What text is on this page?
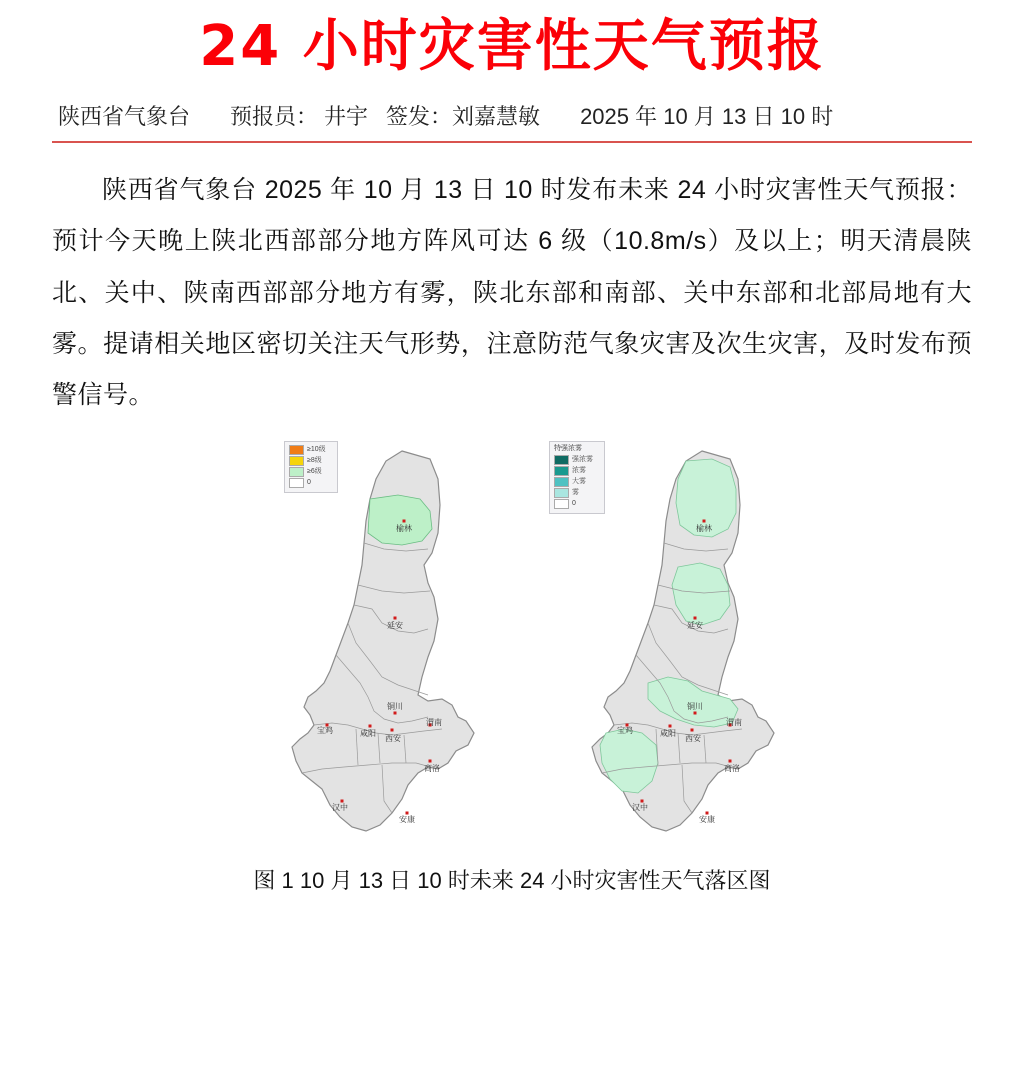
24 小时灾害性天气预报
陕西省气象台 预报员： 井宇 签发：刘嘉慧敏 2025 年 10 月 13 日 10 时
陕西省气象台 2025 年 10 月 13 日 10 时发布未来 24 小时灾害性天气预报：预计今天晚上陕北西部部分地方阵风可达 6 级（10.8m/s）及以上；明天清晨陕北、关中、陕南西部部分地方有雾，陕北东部和南部、关中东部和北部局地有大雾。提请相关地区密切关注天气形势，注意防范气象灾害及次生灾害，及时发布预警信号。
榆林
延安
铜川
渭南
西安
咸阳
宝鸡
商洛
汉中
安康
榆林
延安
铜川
渭南
西安
咸阳
宝鸡
商洛
汉中
安康
≥10级
≥8级
≥6级
0
特强浓雾
强浓雾
浓雾
大雾
雾
0
图 1 10 月 13 日 10 时未来 24 小时灾害性天气落区图
